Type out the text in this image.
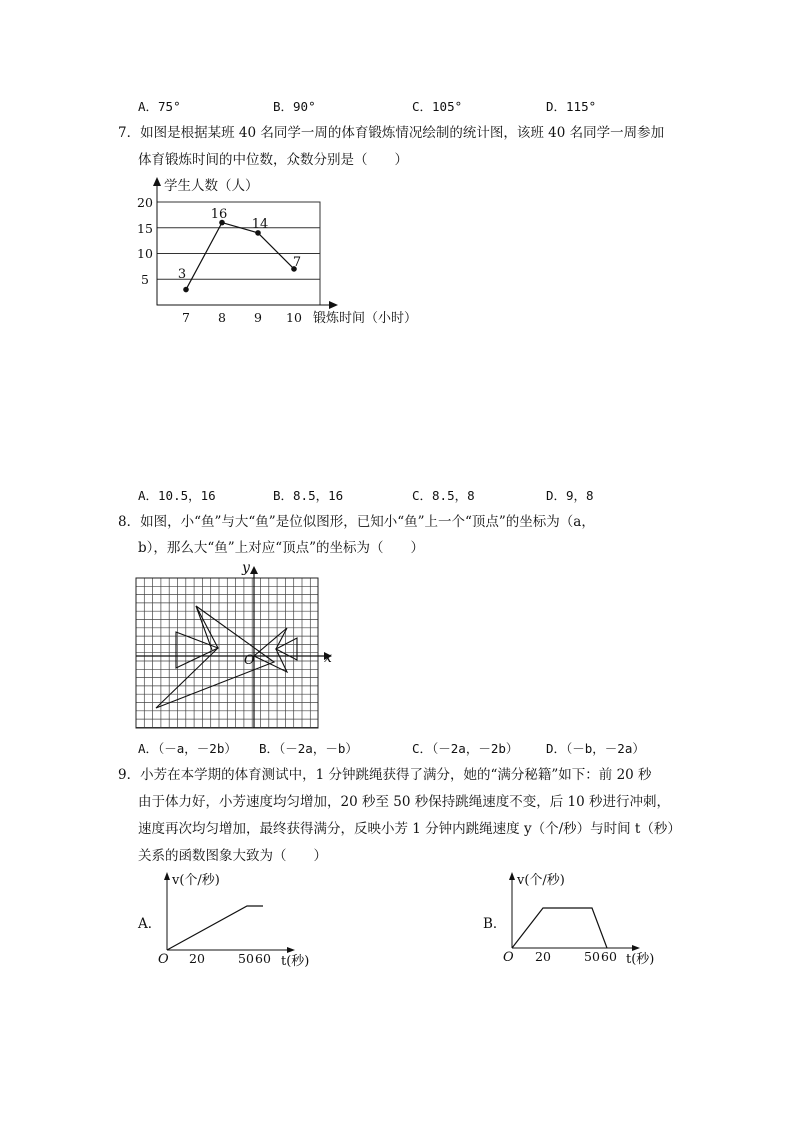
A．75°	B．90°	C．105°	D．115°
7．如图是根据某班 40 名同学一周的体育锻炼情况绘制的统计图，该班 40 名同学一周参加
体育锻炼时间的中位数，众数分别是（　　）
学生人数（人）
锻炼时间（小时）
5
10
15
20
7 8 9 10
3
16
14
7
A．10.5，16	B．8.5，16	C．8.5，8	D．9，8
8．如图，小“鱼”与大“鱼”是位似图形，已知小“鱼”上一个“顶点”的坐标为（a，
b），那么大“鱼”上对应“顶点”的坐标为（　　）
x
y
O
A．（－a，－2b） B．（－2a，－b）	C．（－2a，－2b） D．（－b，－2a）
9．小芳在本学期的体育测试中，1 分钟跳绳获得了满分，她的“满分秘籍”如下：前 20 秒
由于体力好，小芳速度均匀增加，20 秒至 50 秒保持跳绳速度不变，后 10 秒进行冲刺，
速度再次均匀增加，最终获得满分，反映小芳 1 分钟内跳绳速度 y（个/秒）与时间 t（秒）
关系的函数图象大致为（　　）
A．
v(个/秒)
O 20	50 60 t(秒)
B．
v(个/秒)
O 20	50 60 t(秒)
